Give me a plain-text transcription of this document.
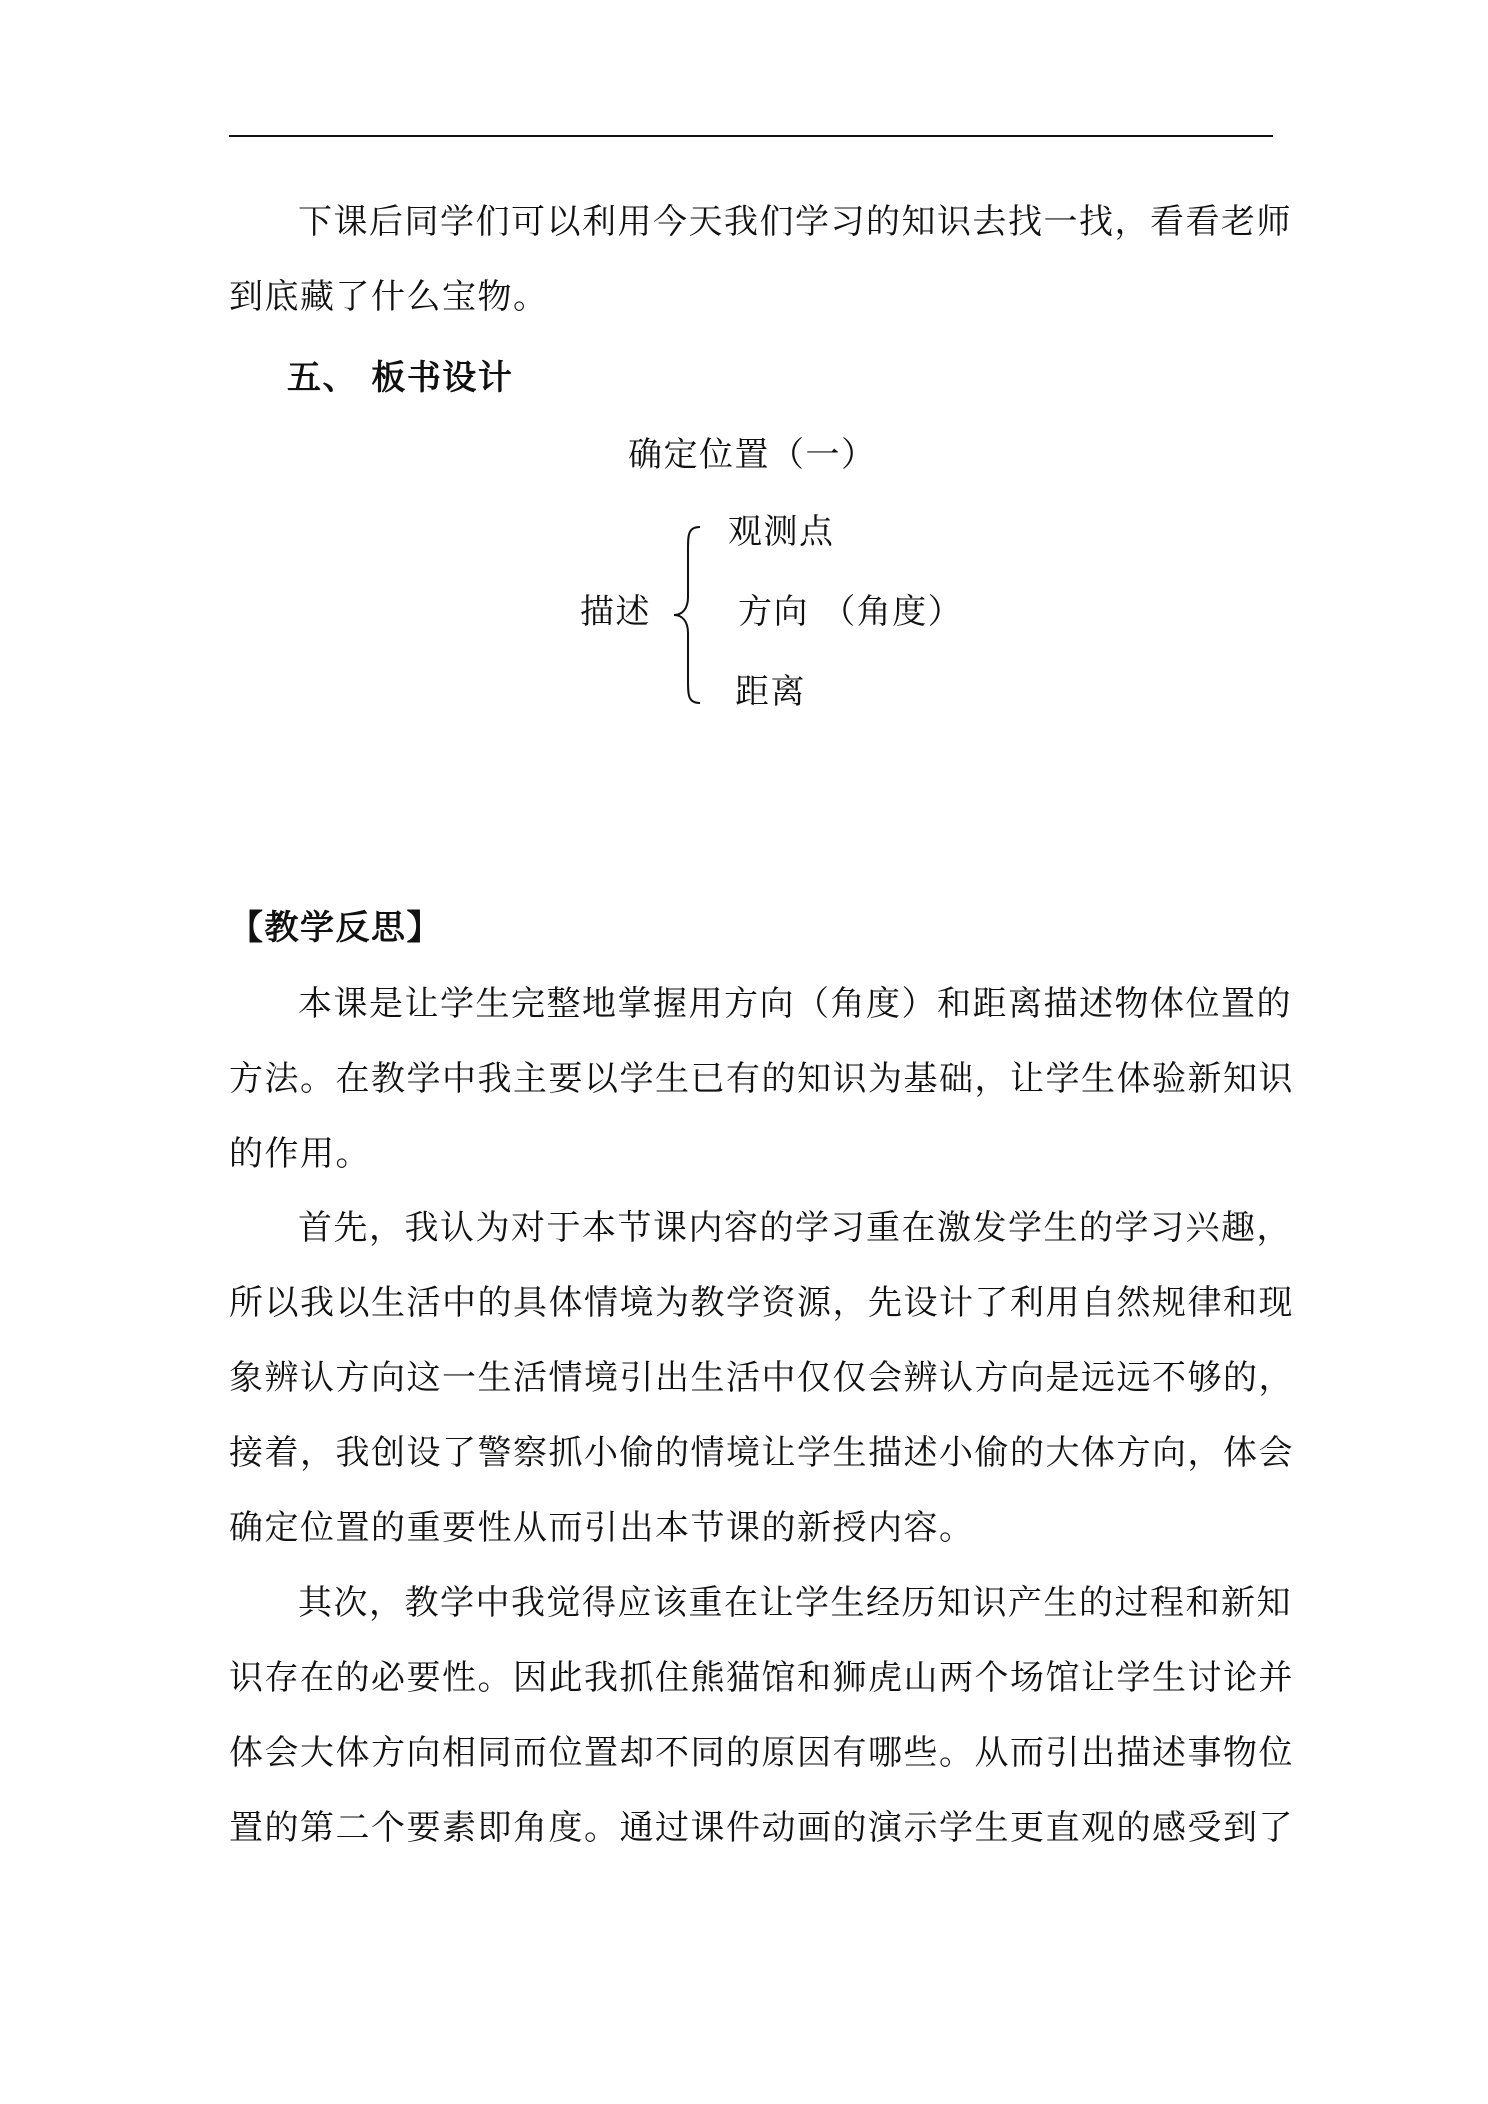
下课后同学们可以利用今天我们学习的知识去找一找，看看老师
到底藏了什么宝物。
五、 板书设计
确定位置（一）
观测点
描述	方向 （角度）
距离
【教学反思】
本课是让学生完整地掌握用方向（角度）和距离描述物体位置的
方法。在教学中我主要以学生已有的知识为基础，让学生体验新知识
的作用。
首先，我认为对于本节课内容的学习重在激发学生的学习兴趣，
所以我以生活中的具体情境为教学资源，先设计了利用自然规律和现
象辨认方向这一生活情境引出生活中仅仅会辨认方向是远远不够的，
接着，我创设了警察抓小偷的情境让学生描述小偷的大体方向，体会
确定位置的重要性从而引出本节课的新授内容。
其次，教学中我觉得应该重在让学生经历知识产生的过程和新知
识存在的必要性。因此我抓住熊猫馆和狮虎山两个场馆让学生讨论并
体会大体方向相同而位置却不同的原因有哪些。从而引出描述事物位
置的第二个要素即角度。通过课件动画的演示学生更直观的感受到了
